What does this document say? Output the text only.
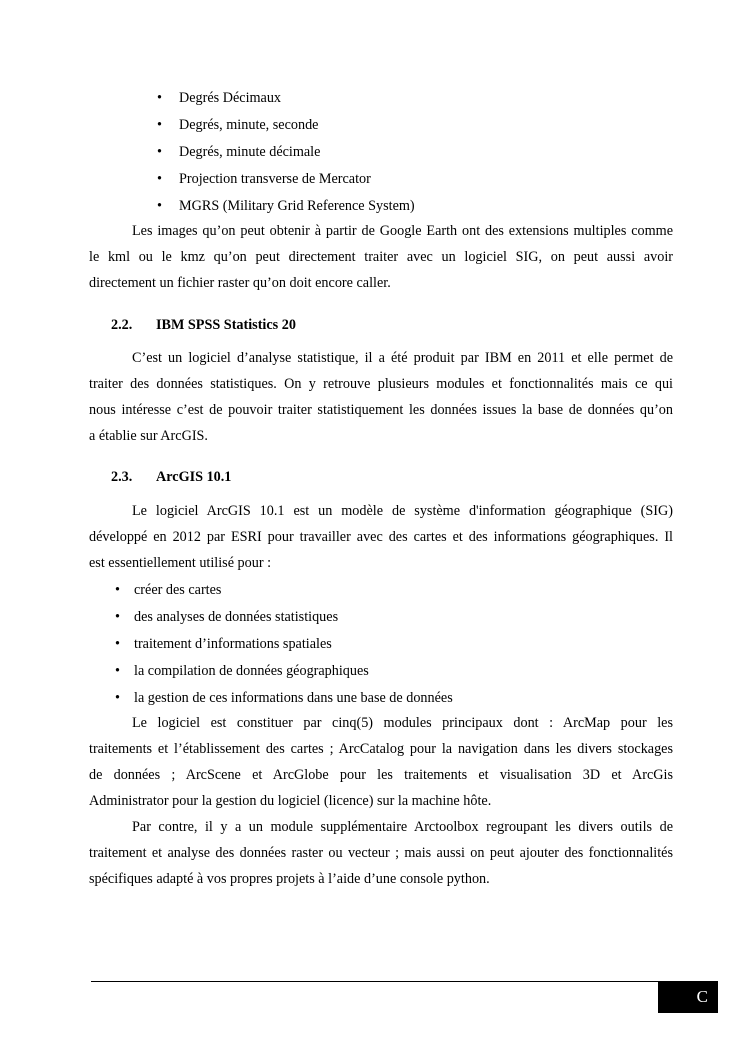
• Degrés Décimaux
• Degrés, minute, seconde
• Degrés, minute décimale
• Projection transverse de Mercator
• MGRS (Military Grid Reference System)

Les images qu’on peut obtenir à partir de Google Earth ont des extensions multiples comme
le kml ou le kmz qu’on peut directement traiter avec un logiciel SIG, on peut aussi avoir
directement un fichier raster qu’on doit encore caller.

2.2. IBM SPSS Statistics 20

C’est un logiciel d’analyse statistique, il a été produit par IBM en 2011 et elle permet de
traiter des données statistiques. On y retrouve plusieurs modules et fonctionnalités mais ce qui
nous intéresse c’est de pouvoir traiter statistiquement les données issues la base de données qu’on
a établie sur ArcGIS.

2.3. ArcGIS 10.1

Le logiciel ArcGIS 10.1 est un modèle de système d'information géographique (SIG)
développé en 2012 par ESRI pour travailler avec des cartes et des informations géographiques. Il
est essentiellement utilisé pour :

• créer des cartes
• des analyses de données statistiques
• traitement d’informations spatiales
• la compilation de données géographiques
• la gestion de ces informations dans une base de données

Le logiciel est constituer par cinq(5) modules principaux dont : ArcMap pour les
traitements et l’établissement des cartes ; ArcCatalog pour la navigation dans les divers stockages
de données ; ArcScene et ArcGlobe pour les traitements et visualisation 3D et ArcGis
Administrator pour la gestion du logiciel (licence) sur la machine hôte.

Par contre, il y a un module supplémentaire Arctoolbox regroupant les divers outils de
traitement et analyse des données raster ou vecteur ; mais aussi on peut ajouter des fonctionnalités
spécifiques adapté à vos propres projets à l’aide d’une console python.

C
